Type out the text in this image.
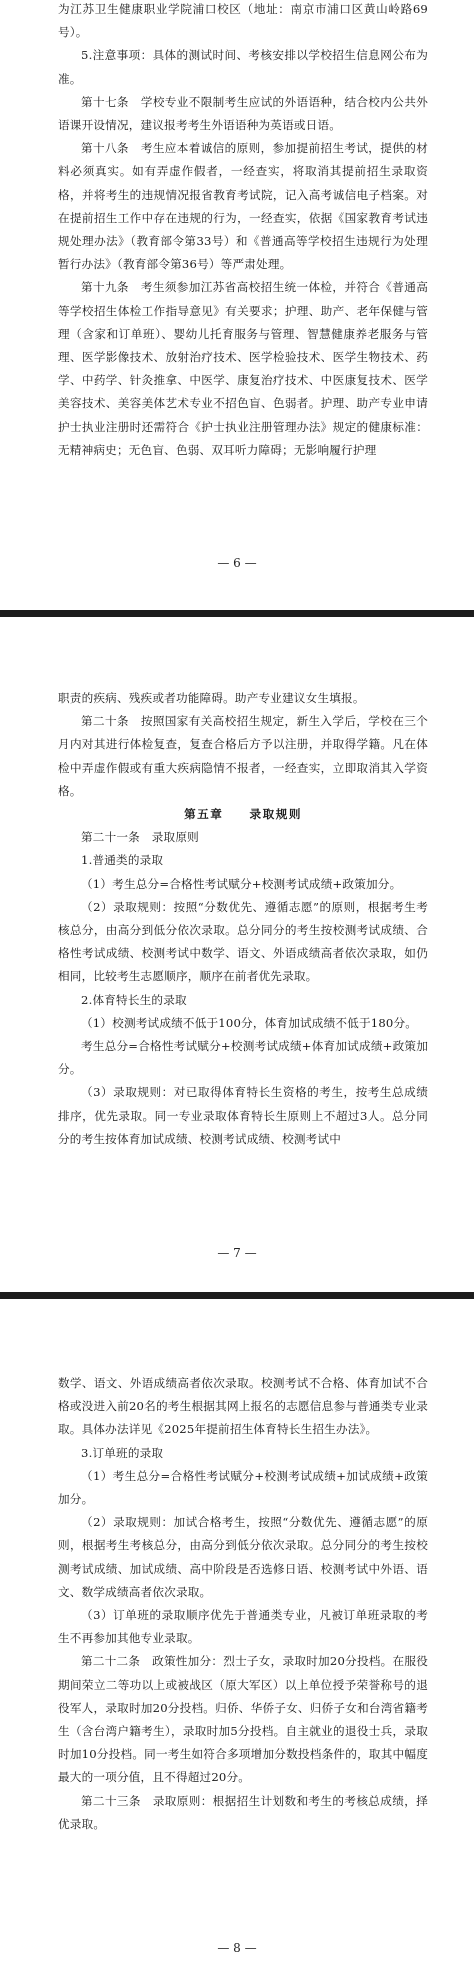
为江苏卫生健康职业学院浦口校区（地址：南京市浦口区黄山岭路69号）。

5.注意事项：具体的测试时间、考核安排以学校招生信息网公布为准。

第十七条　学校专业不限制考生应试的外语语种，结合校内公共外语课开设情况，建议报考考生外语语种为英语或日语。

第十八条　考生应本着诚信的原则，参加提前招生考试，提供的材料必须真实。如有弄虚作假者，一经查实，将取消其提前招生录取资格，并将考生的违规情况报省教育考试院，记入高考诚信电子档案。对在提前招生工作中存在违规的行为，一经查实，依据《国家教育考试违规处理办法》（教育部令第33号）和《普通高等学校招生违规行为处理暂行办法》（教育部令第36号）等严肃处理。

第十九条　考生须参加江苏省高校招生统一体检，并符合《普通高等学校招生体检工作指导意见》有关要求；护理、助产、老年保健与管理（含家和订单班）、婴幼儿托育服务与管理、智慧健康养老服务与管理、医学影像技术、放射治疗技术、医学检验技术、医学生物技术、药学、中药学、针灸推拿、中医学、康复治疗技术、中医康复技术、医学美容技术、美容美体艺术专业不招色盲、色弱者。护理、助产专业申请护士执业注册时还需符合《护士执业注册管理办法》规定的健康标准：无精神病史；无色盲、色弱、双耳听力障碍；无影响履行护理

— 6 —

职责的疾病、残疾或者功能障碍。助产专业建议女生填报。

第二十条　按照国家有关高校招生规定，新生入学后，学校在三个月内对其进行体检复查，复查合格后方予以注册，并取得学籍。凡在体检中弄虚作假或有重大疾病隐情不报者，一经查实，立即取消其入学资格。

第五章　　录取规则

第二十一条　录取原则

1.普通类的录取

（1）考生总分=合格性考试赋分+校测考试成绩+政策加分。

（2）录取规则：按照“分数优先、遵循志愿”的原则，根据考生考核总分，由高分到低分依次录取。总分同分的考生按校测考试成绩、合格性考试成绩、校测考试中数学、语文、外语成绩高者依次录取，如仍相同，比较考生志愿顺序，顺序在前者优先录取。

2.体育特长生的录取

（1）校测考试成绩不低于100分，体育加试成绩不低于180分。

考生总分=合格性考试赋分+校测考试成绩+体育加试成绩+政策加分。

（3）录取规则：对已取得体育特长生资格的考生，按考生总成绩排序，优先录取。同一专业录取体育特长生原则上不超过3人。总分同分的考生按体育加试成绩、校测考试成绩、校测考试中

— 7 —

数学、语文、外语成绩高者依次录取。校测考试不合格、体育加试不合格或没进入前20名的考生根据其网上报名的志愿信息参与普通类专业录取。具体办法详见《2025年提前招生体育特长生招生办法》。

3.订单班的录取

（1）考生总分=合格性考试赋分+校测考试成绩+加试成绩+政策加分。

（2）录取规则：加试合格考生，按照“分数优先、遵循志愿”的原则，根据考生考核总分，由高分到低分依次录取。总分同分的考生按校测考试成绩、加试成绩、高中阶段是否选修日语、校测考试中外语、语文、数学成绩高者依次录取。

（3）订单班的录取顺序优先于普通类专业，凡被订单班录取的考生不再参加其他专业录取。

第二十二条　政策性加分：烈士子女，录取时加20分投档。在服役期间荣立二等功以上或被战区（原大军区）以上单位授予荣誉称号的退役军人，录取时加20分投档。归侨、华侨子女、归侨子女和台湾省籍考生（含台湾户籍考生），录取时加5分投档。自主就业的退役士兵，录取时加10分投档。同一考生如符合多项增加分数投档条件的，取其中幅度最大的一项分值，且不得超过20分。

第二十三条　录取原则：根据招生计划数和考生的考核总成绩，择优录取。

— 8 —
